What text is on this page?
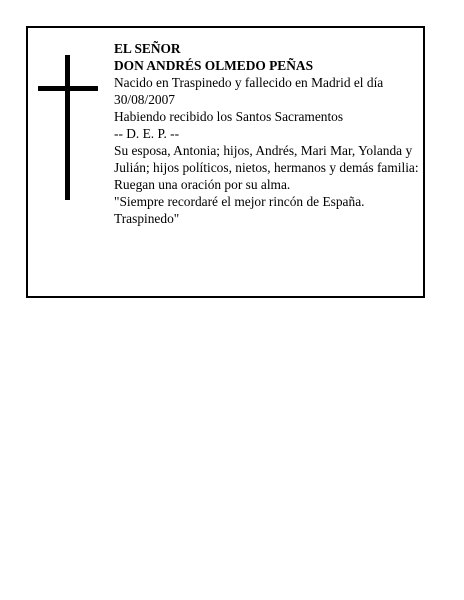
EL SEÑOR
DON ANDRÉS OLMEDO PEÑAS
Nacido en Traspinedo y fallecido en Madrid el día 30/08/2007
Habiendo recibido los Santos Sacramentos
-- D. E. P. --
Su esposa, Antonia; hijos, Andrés, Mari Mar, Yolanda y Julián; hijos políticos, nietos, hermanos y demás familia:
Ruegan una oración por su alma.
"Siempre recordaré el mejor rincón de España. Traspinedo"
